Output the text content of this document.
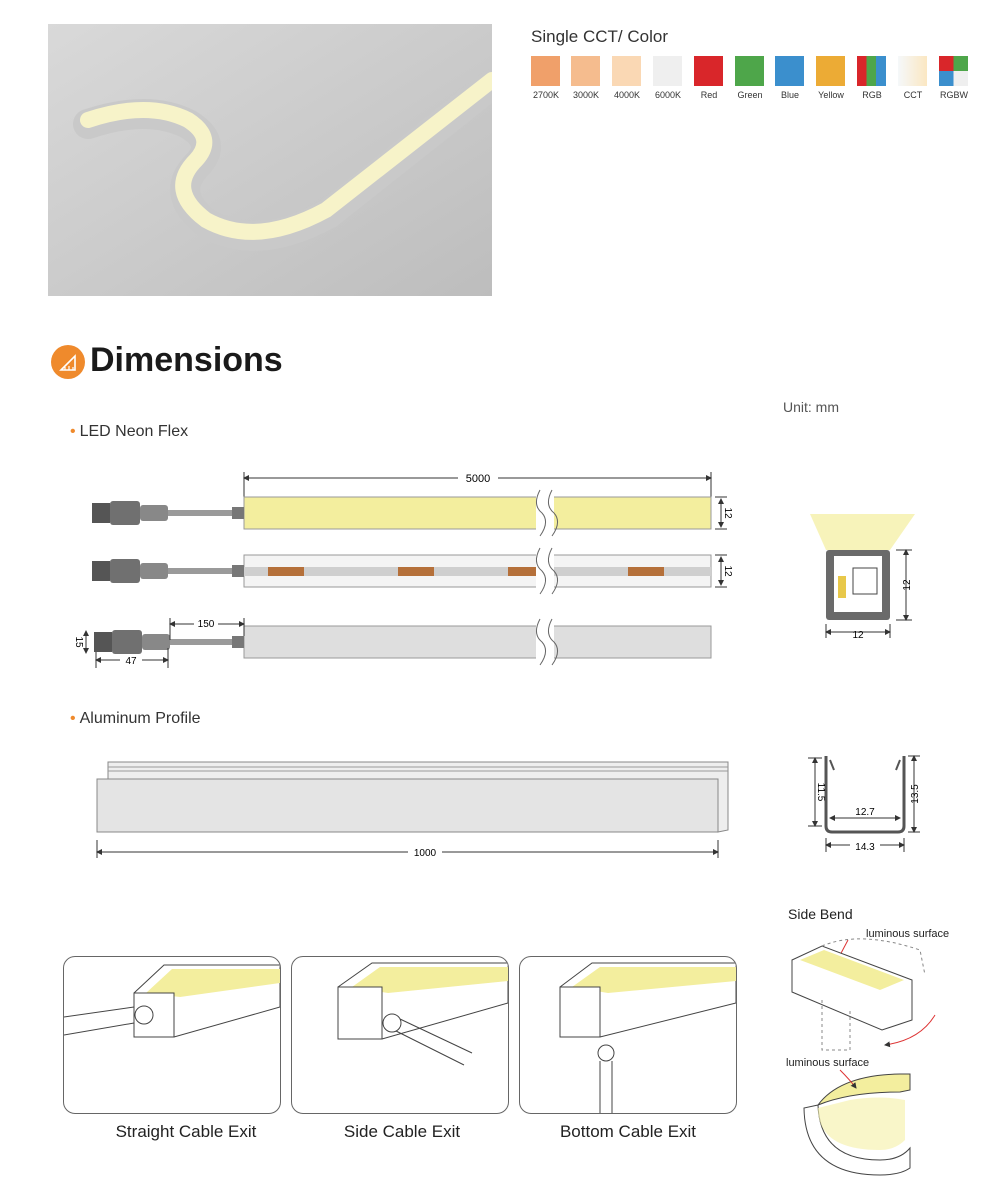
Single CCT/ Color
2700K	3000K	4000K	6000K	Red	Green	Blue	Yellow	RGB	CCT	RGBW
Dimensions
Unit: mm
• LED Neon Flex
• Aluminum Profile
5000
12
12
150
47
15
12
12
1000
12.7
14.3
11.5	13.5
Straight Cable Exit	Side Cable Exit	Bottom Cable Exit
Side Bend
luminous surface
luminous surface
